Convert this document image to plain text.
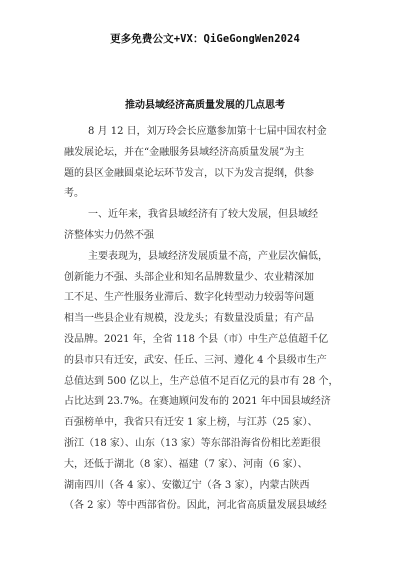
更多免费公文+VX：QiGeGongWen2024
推动县域经济高质量发展的几点思考
8 月 12 日，刘万玲会长应邀参加第十七届中国农村金
融发展论坛，并在“金融服务县域经济高质量发展”为主
题的县区金融圆桌论坛环节发言，以下为发言提纲，供参
考。
一、近年来，我省县域经济有了较大发展，但县域经
济整体实力仍然不强
主要表现为，县域经济发展质量不高，产业层次偏低，
创新能力不强、头部企业和知名品牌数量少、农业精深加
工不足、生产性服务业滞后、数字化转型动力较弱等问题
相当一些县企业有规模，没龙头；有数量没质量；有产品
没品牌。2021 年，全省 118 个县（市）中生产总值超千亿
的县市只有迁安，武安、任丘、三河、遵化 4 个县级市生产
总值达到 500 亿以上，生产总值不足百亿元的县市有 28 个，
占比达到 23.7%。在赛迪顾问发布的 2021 年中国县域经济
百强榜单中，我省只有迁安 1 家上榜，与江苏（25 家）、
浙江（18 家）、山东（13 家）等东部沿海省份相比差距很
大，还低于湖北（8 家）、福建（7 家）、河南（6 家）、
湖南四川（各 4 家）、安徽辽宁（各 3 家），内蒙古陕西
（各 2 家）等中西部省份。因此，河北省高质量发展县域经
